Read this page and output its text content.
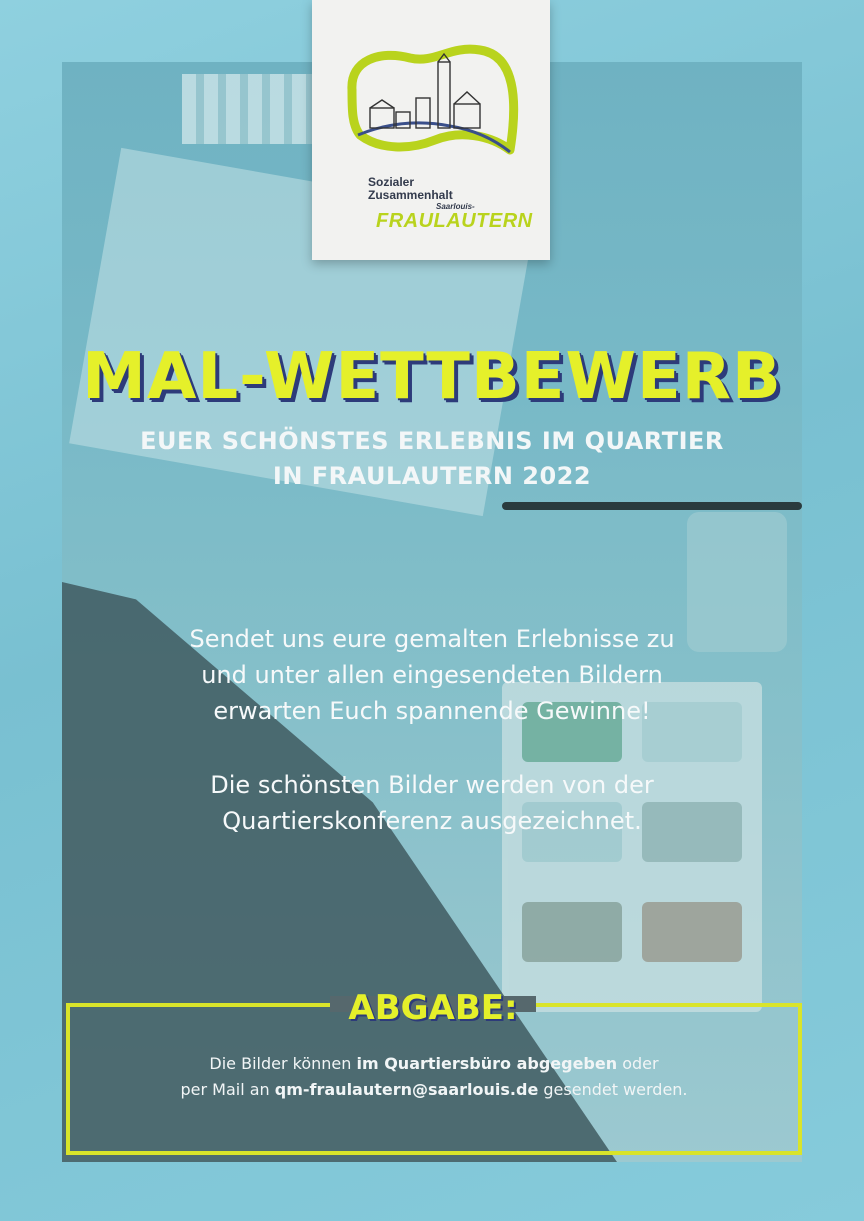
Sozialer
Zusammenhalt
Saarlouis-
FRAULAUTERN
MAL-WETTBEWERB
EUER SCHÖNSTES ERLEBNIS IM QUARTIER
IN FRAULAUTERN 2022
Sendet uns eure gemalten Erlebnisse zu
und unter allen eingesendeten Bildern
erwarten Euch spannende Gewinne!
Die schönsten Bilder werden von der
Quartierskonferenz ausgezeichnet.
ABGABE:
Die Bilder können im Quartiersbüro abgegeben oder
per Mail an qm-fraulautern@saarlouis.de gesendet werden.
